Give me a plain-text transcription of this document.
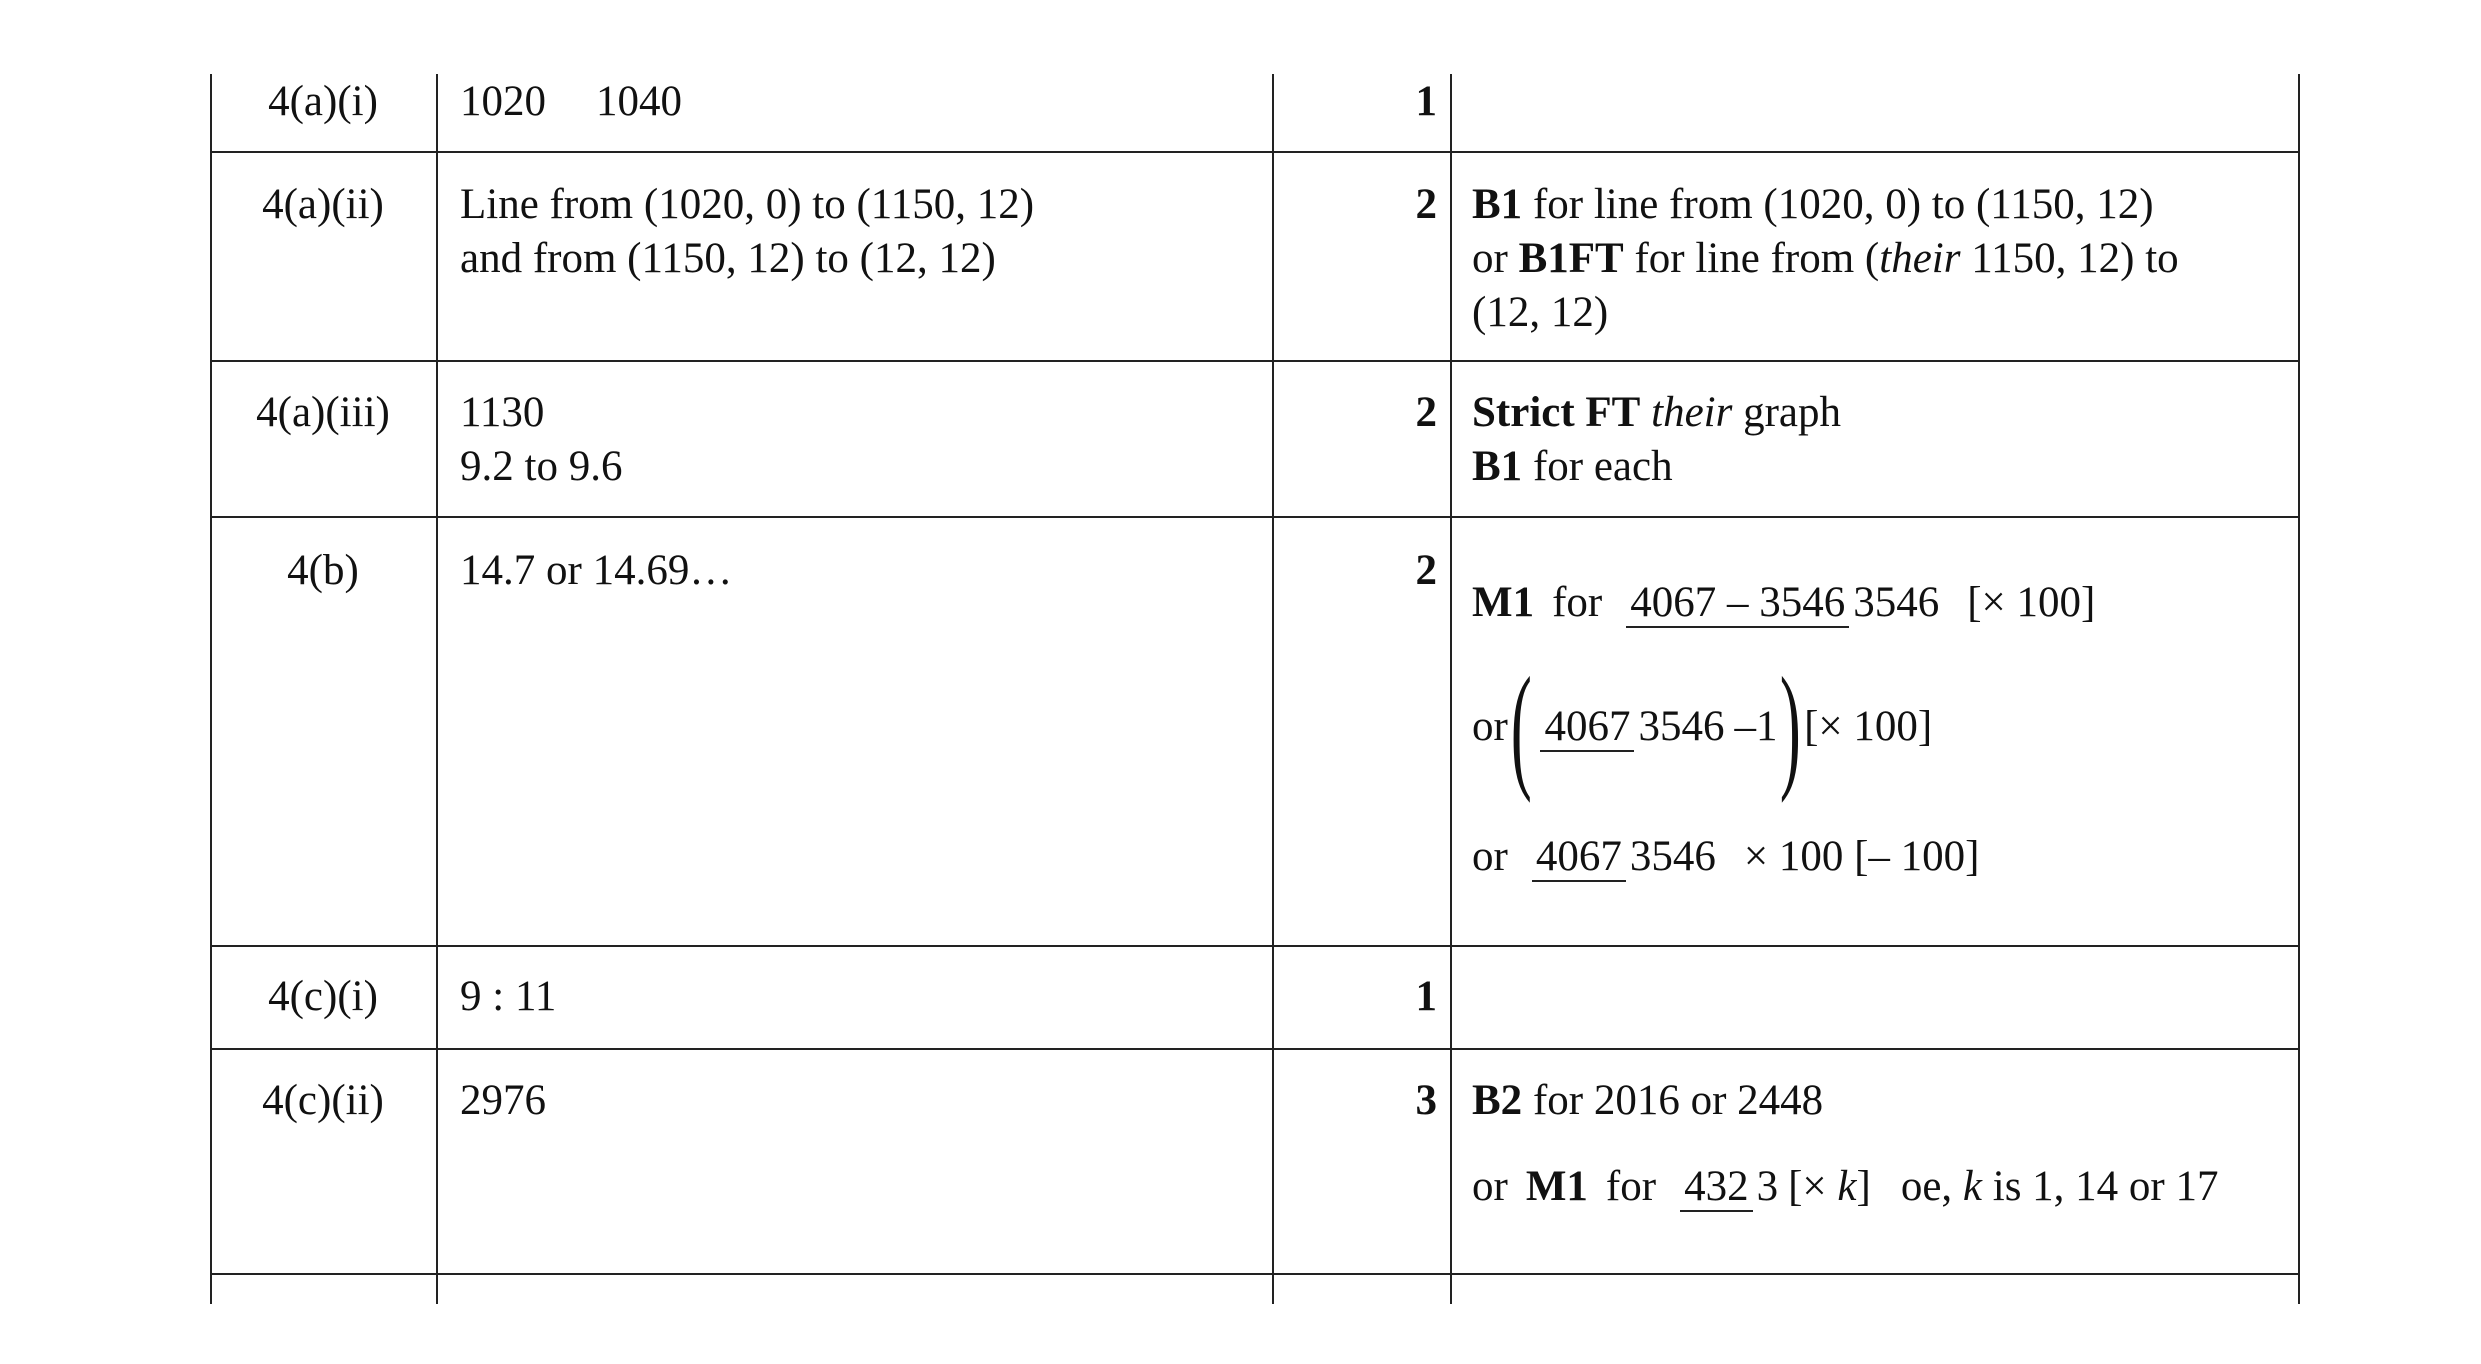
4(a)(i)	1020 1040	1
4(a)(ii)	Line from (1020, 0) to (1150, 12)
and from (1150, 12) to (12, 12)
2 B1 for line from (1020, 0) to (1150, 12)
or B1FT for line from (their 1150, 12) to
(12, 12)
4(a)(iii)	1130
9.2 to 9.6
2 Strict FT their graph
B1 for each
4(b)	14.7 or 14.69…	2
M1 for 4067 – 3546 3546 [× 100]
or ( 4067 3546 –1 ) [× 100]
or 4067 3546 × 100 [– 100]
4(c)(i)	9 : 11	1
4(c)(ii)	2976	3 B2 for 2016 or 2448
or M1 for 432 3 [×
k ] oe,
k
is 1, 14 or 17
